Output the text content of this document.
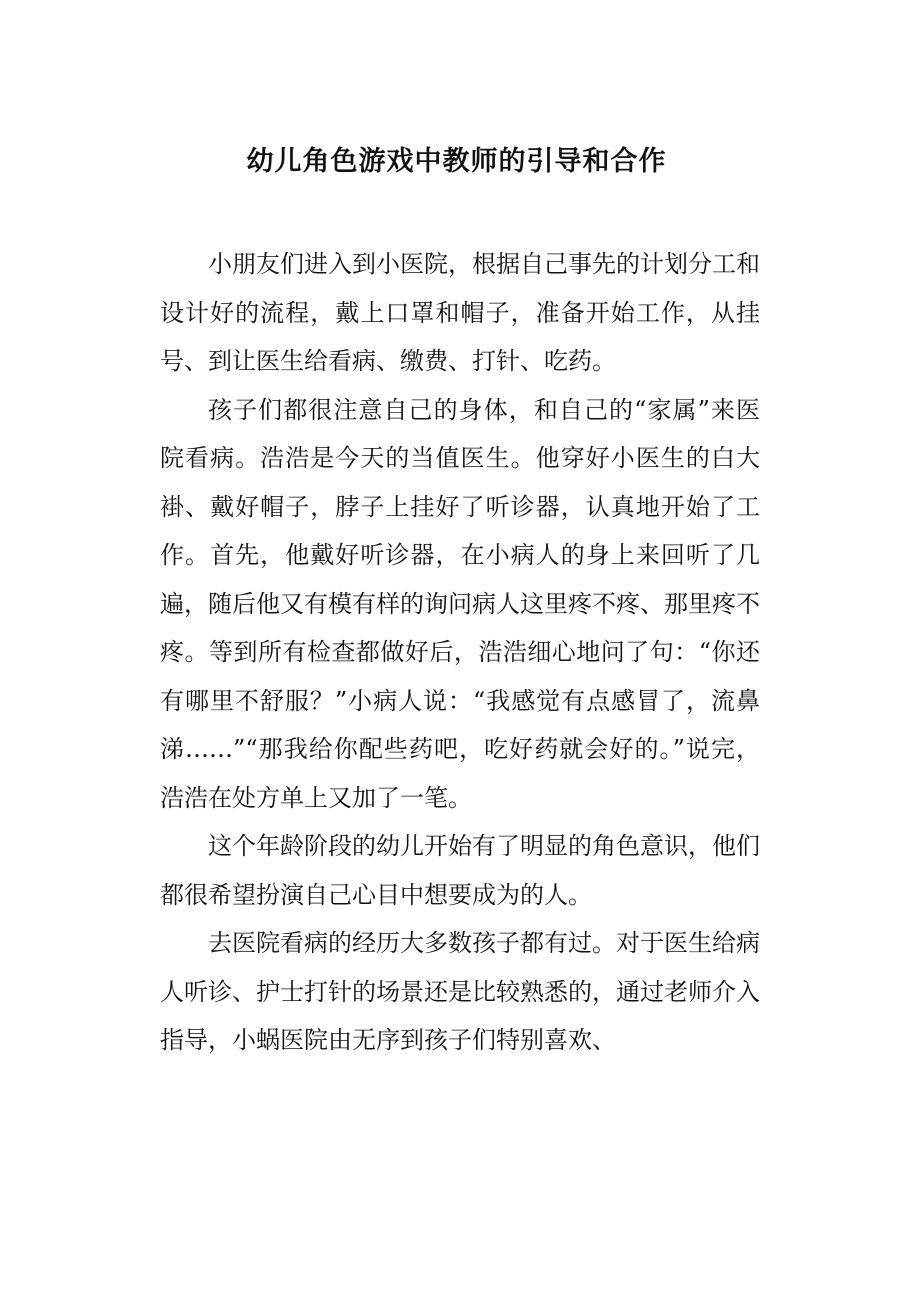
幼儿角色游戏中教师的引导和合作

小朋友们进入到小医院，根据自己事先的计划分工和设计好的流程，戴上口罩和帽子，准备开始工作，从挂号、到让医生给看病、缴费、打针、吃药。

孩子们都很注意自己的身体，和自己的“家属”来医院看病。浩浩是今天的当值医生。他穿好小医生的白大褂、戴好帽子，脖子上挂好了听诊器，认真地开始了工作。首先，他戴好听诊器，在小病人的身上来回听了几遍，随后他又有模有样的询问病人这里疼不疼、那里疼不疼。等到所有检查都做好后，浩浩细心地问了句：“你还有哪里不舒服？”小病人说：“我感觉有点感冒了，流鼻涕……”“那我给你配些药吧，吃好药就会好的。”说完，浩浩在处方单上又加了一笔。

这个年龄阶段的幼儿开始有了明显的角色意识，他们都很希望扮演自己心目中想要成为的人。

去医院看病的经历大多数孩子都有过。对于医生给病人听诊、护士打针的场景还是比较熟悉的，通过老师介入指导，小蜗医院由无序到孩子们特别喜欢、
